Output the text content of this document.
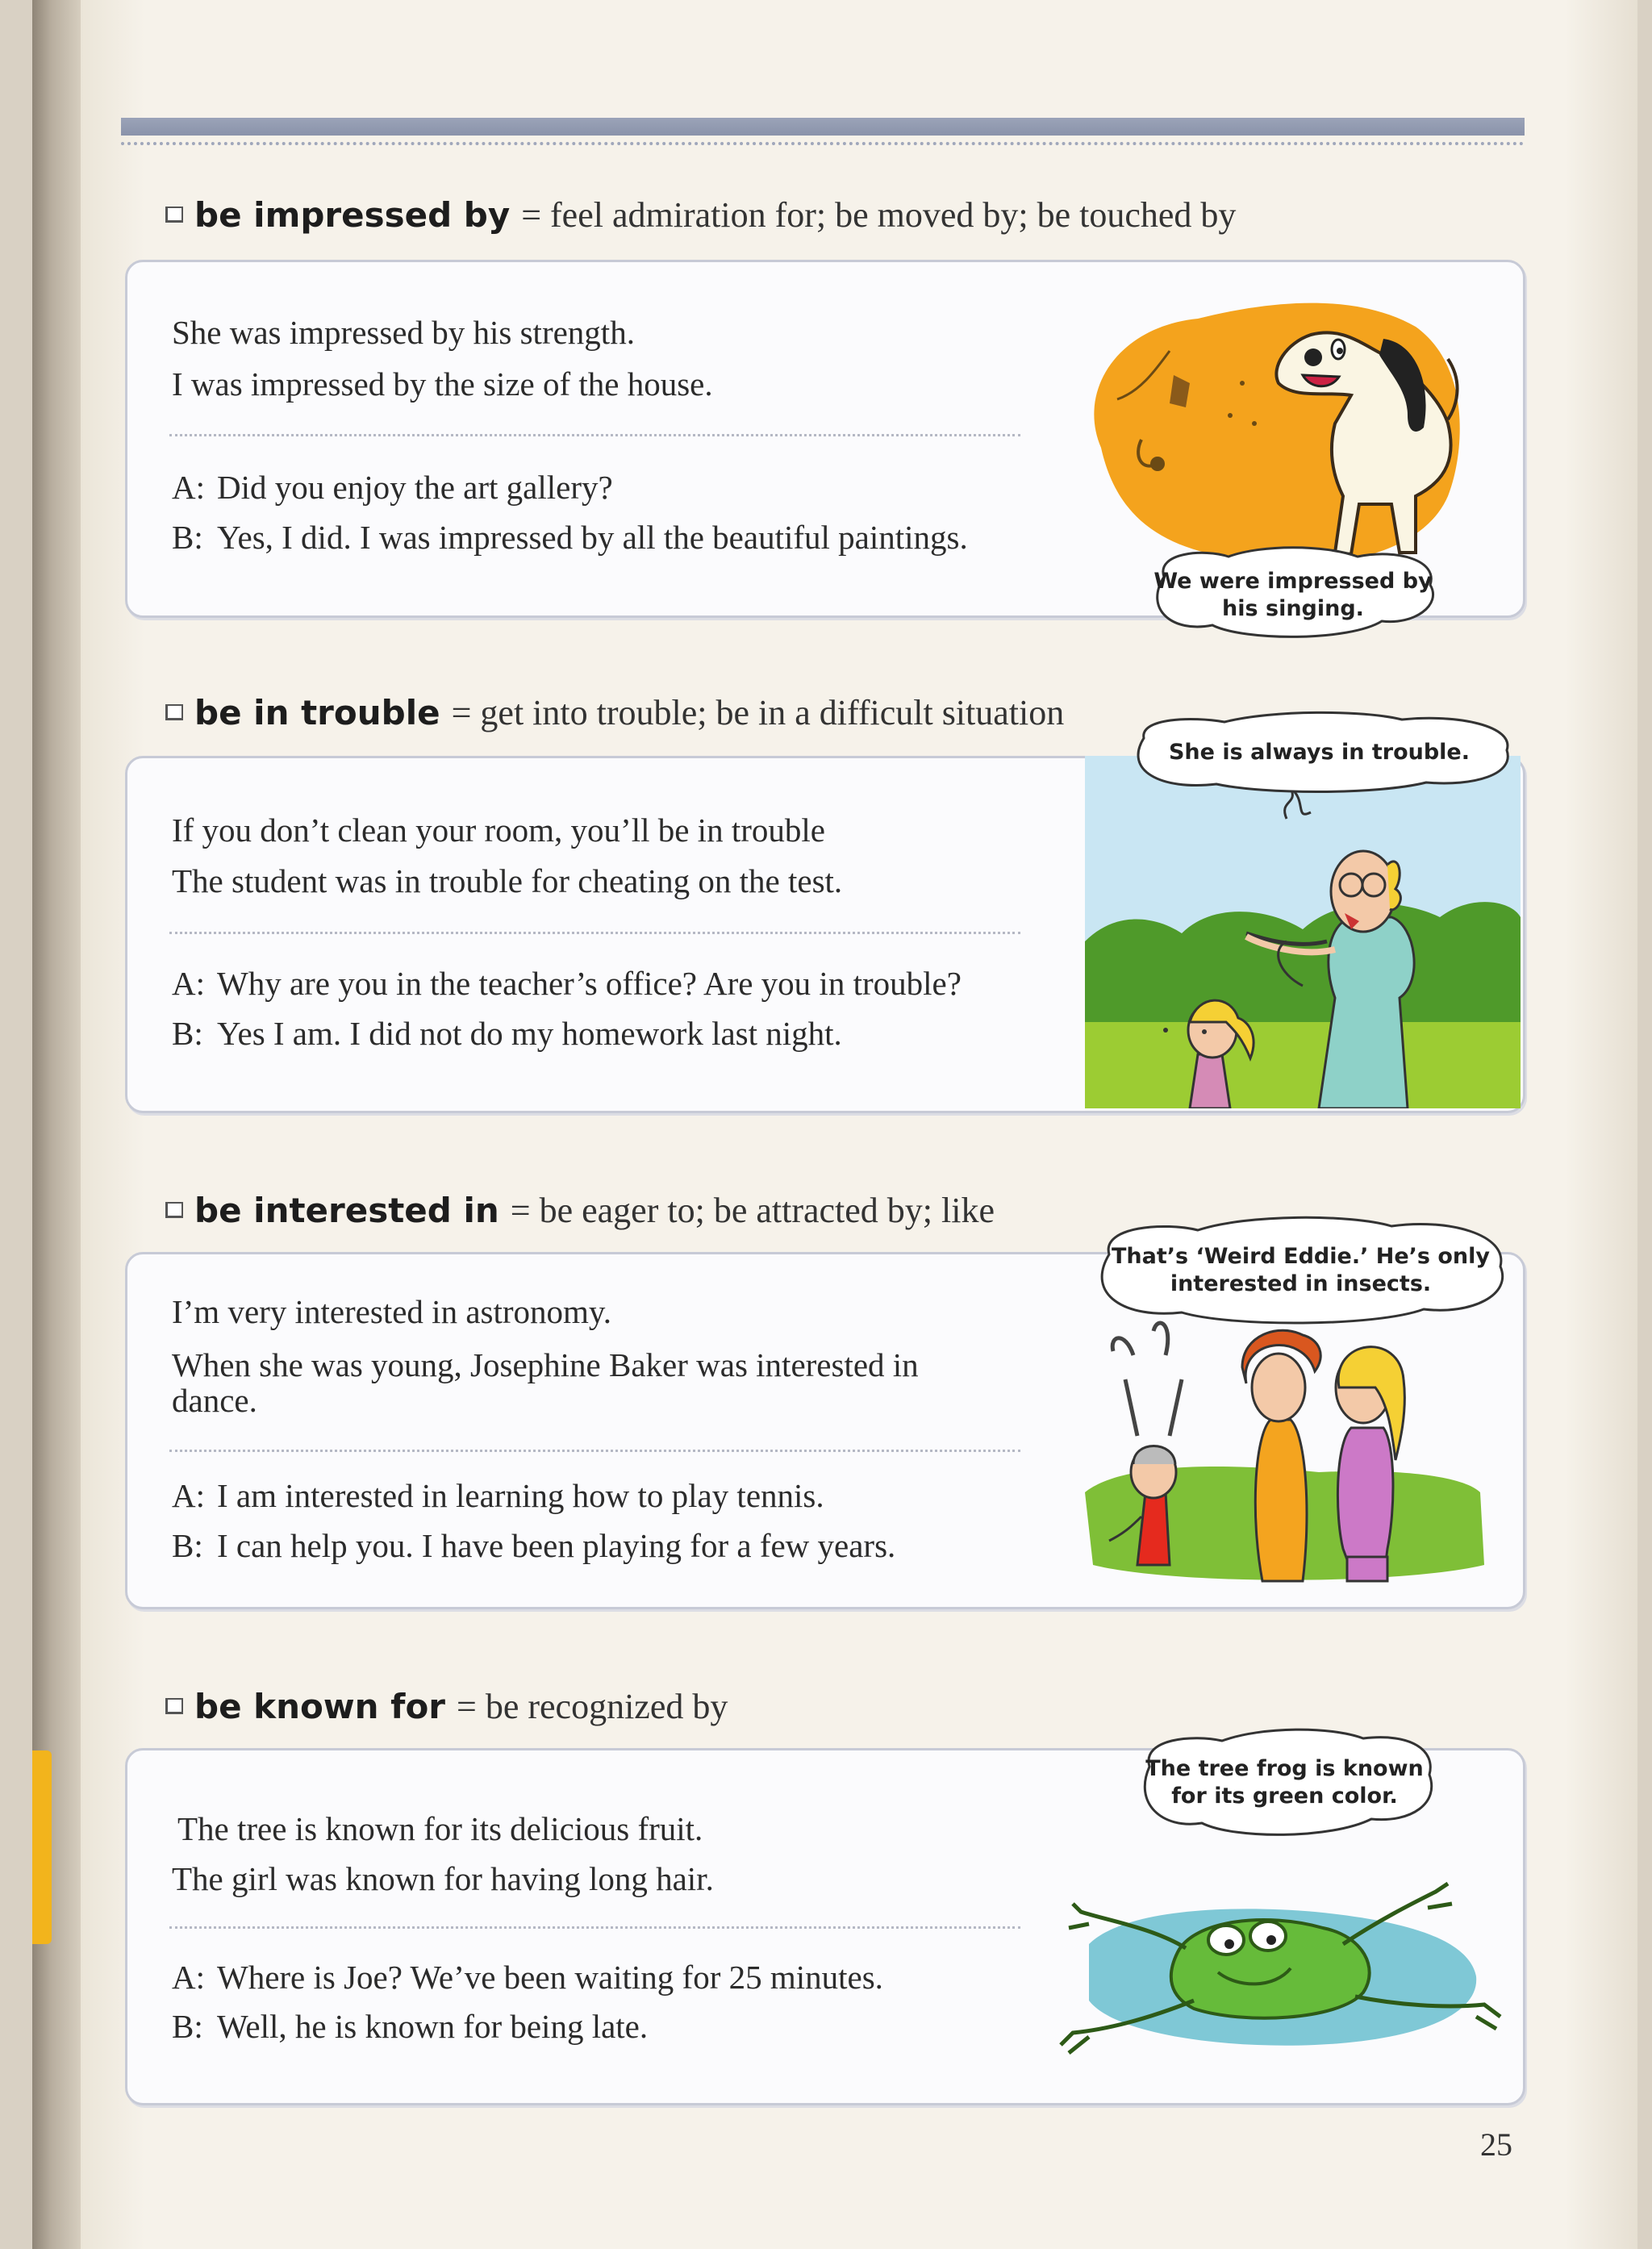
be impressed by = feel admiration for; be moved by; be touched by
She was impressed by his strength.
I was impressed by the size of the house.
A: Did you enjoy the art gallery?
B: Yes, I did. I was impressed by all the beautiful paintings.
We were impressed by
his singing.
be in trouble = get into trouble; be in a difficult situation
If you don’t clean your room, you’ll be in trouble
The student was in trouble for cheating on the test.
A: Why are you in the teacher’s office? Are you in trouble?
B: Yes I am. I did not do my homework last night.
She is always in trouble.
be interested in = be eager to; be attracted by; like
I’m very interested in astronomy.
When she was young, Josephine Baker was interested in dance.
A: I am interested in learning how to play tennis.
B: I can help you. I have been playing for a few years.
That’s ‘Weird Eddie.’ He’s only
interested in insects.
be known for = be recognized by
The tree is known for its delicious fruit.
The girl was known for having long hair.
A: Where is Joe? We’ve been waiting for 25 minutes.
B: Well, he is known for being late.
The tree frog is known
for its green color.
25
